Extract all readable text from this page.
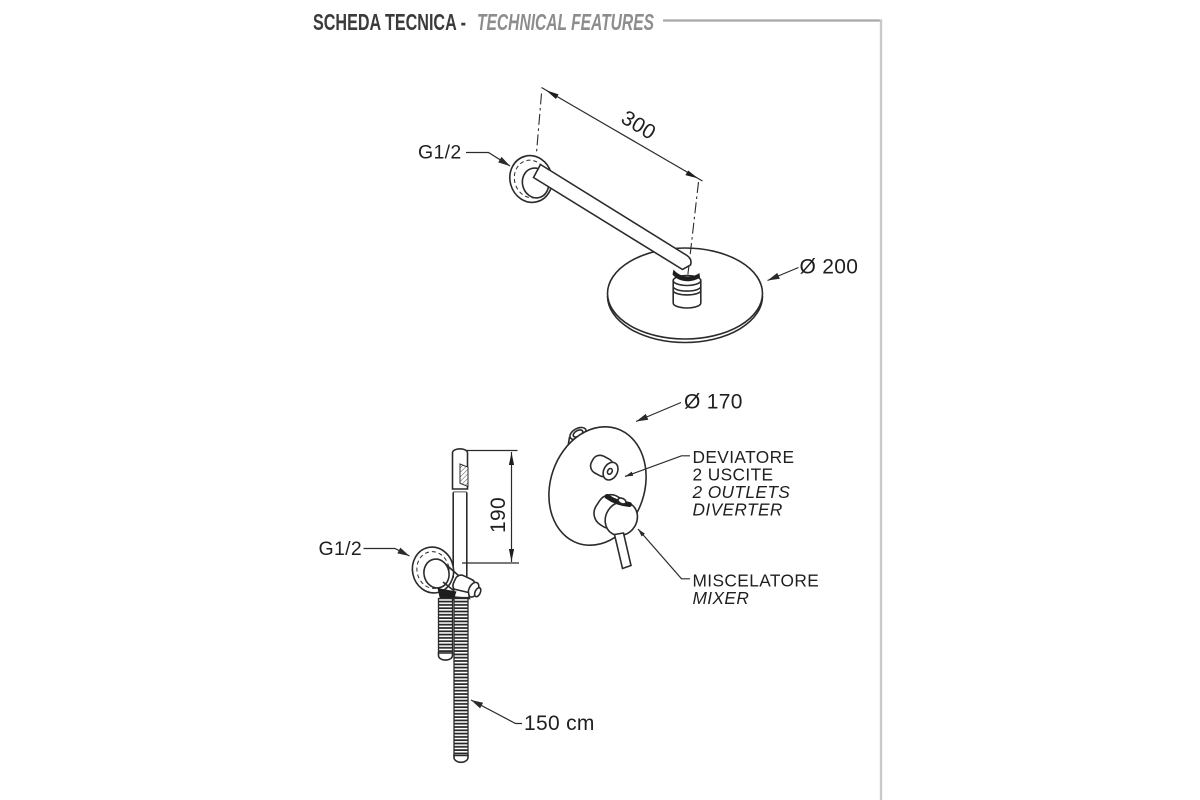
SCHEDA TECNICA - TECHNICAL FEATURES
300
G1/2
Ø 200
Ø 170
DEVIATORE
2 USCITE
2 OUTLETS
DIVERTER
MISCELATORE
MIXER
190
G1/2
150 cm
